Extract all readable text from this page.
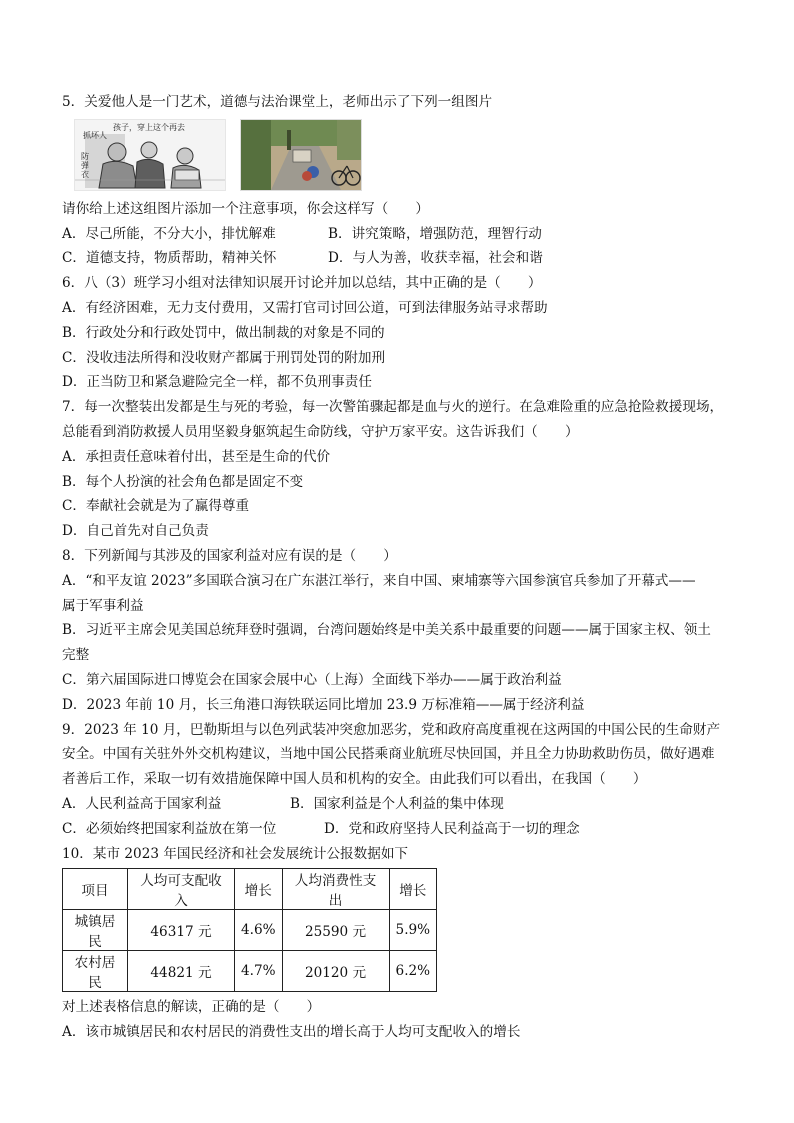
5．关爱他人是一门艺术，道德与法治课堂上，老师出示了下列一组图片
孩子，穿上这个再去
抓坏人
防弹衣
请你给上述这组图片添加一个注意事项，你会这样写（　　）
A．尽己所能，不分大小，排忧解难	B．讲究策略，增强防范，理智行动
C．道德支持，物质帮助，精神关怀	D．与人为善，收获幸福，社会和谐
6．八（3）班学习小组对法律知识展开讨论并加以总结，其中正确的是（　　）
A．有经济困难，无力支付费用，又需打官司讨回公道，可到法律服务站寻求帮助
B．行政处分和行政处罚中，做出制裁的对象是不同的
C．没收违法所得和没收财产都属于刑罚处罚的附加刑
D．正当防卫和紧急避险完全一样，都不负刑事责任
7．每一次整装出发都是生与死的考验，每一次警笛骤起都是血与火的逆行。在急难险重的应急抢险救援现场，
总能看到消防救援人员用坚毅身躯筑起生命防线，守护万家平安。这告诉我们（　　）
A．承担责任意味着付出，甚至是生命的代价
B．每个人扮演的社会角色都是固定不变
C．奉献社会就是为了赢得尊重
D．自己首先对自己负责
8．下列新闻与其涉及的国家利益对应有误的是（　　）
A．“和平友谊 2023”多国联合演习在广东湛江举行，来自中国、柬埔寨等六国参演官兵参加了开幕式——
属于军事利益
B．习近平主席会见美国总统拜登时强调，台湾问题始终是中美关系中最重要的问题——属于国家主权、领土
完整
C．第六届国际进口博览会在国家会展中心（上海）全面线下举办——属于政治利益
D．2023 年前 10 月，长三角港口海铁联运同比增加 23.9 万标准箱——属于经济利益
9．2023 年 10 月，巴勒斯坦与以色列武装冲突愈加恶劣，党和政府高度重视在这两国的中国公民的生命财产
安全。中国有关驻外外交机构建议，当地中国公民搭乘商业航班尽快回国，并且全力协助救助伤员，做好遇难
者善后工作，采取一切有效措施保障中国人员和机构的安全。由此我们可以看出，在我国（　　）
A．人民利益高于国家利益	B．国家利益是个人利益的集中体现
C．必须始终把国家利益放在第一位	D．党和政府坚持人民利益高于一切的理念
10．某市 2023 年国民经济和社会发展统计公报数据如下
项目	人均可支配收入	增长	人均消费性支出	增长
城镇居民	46317 元	4.6%	25590 元	5.9%
农村居民	44821 元	4.7%	20120 元	6.2%
对上述表格信息的解读，正确的是（　　）
A．该市城镇居民和农村居民的消费性支出的增长高于人均可支配收入的增长
